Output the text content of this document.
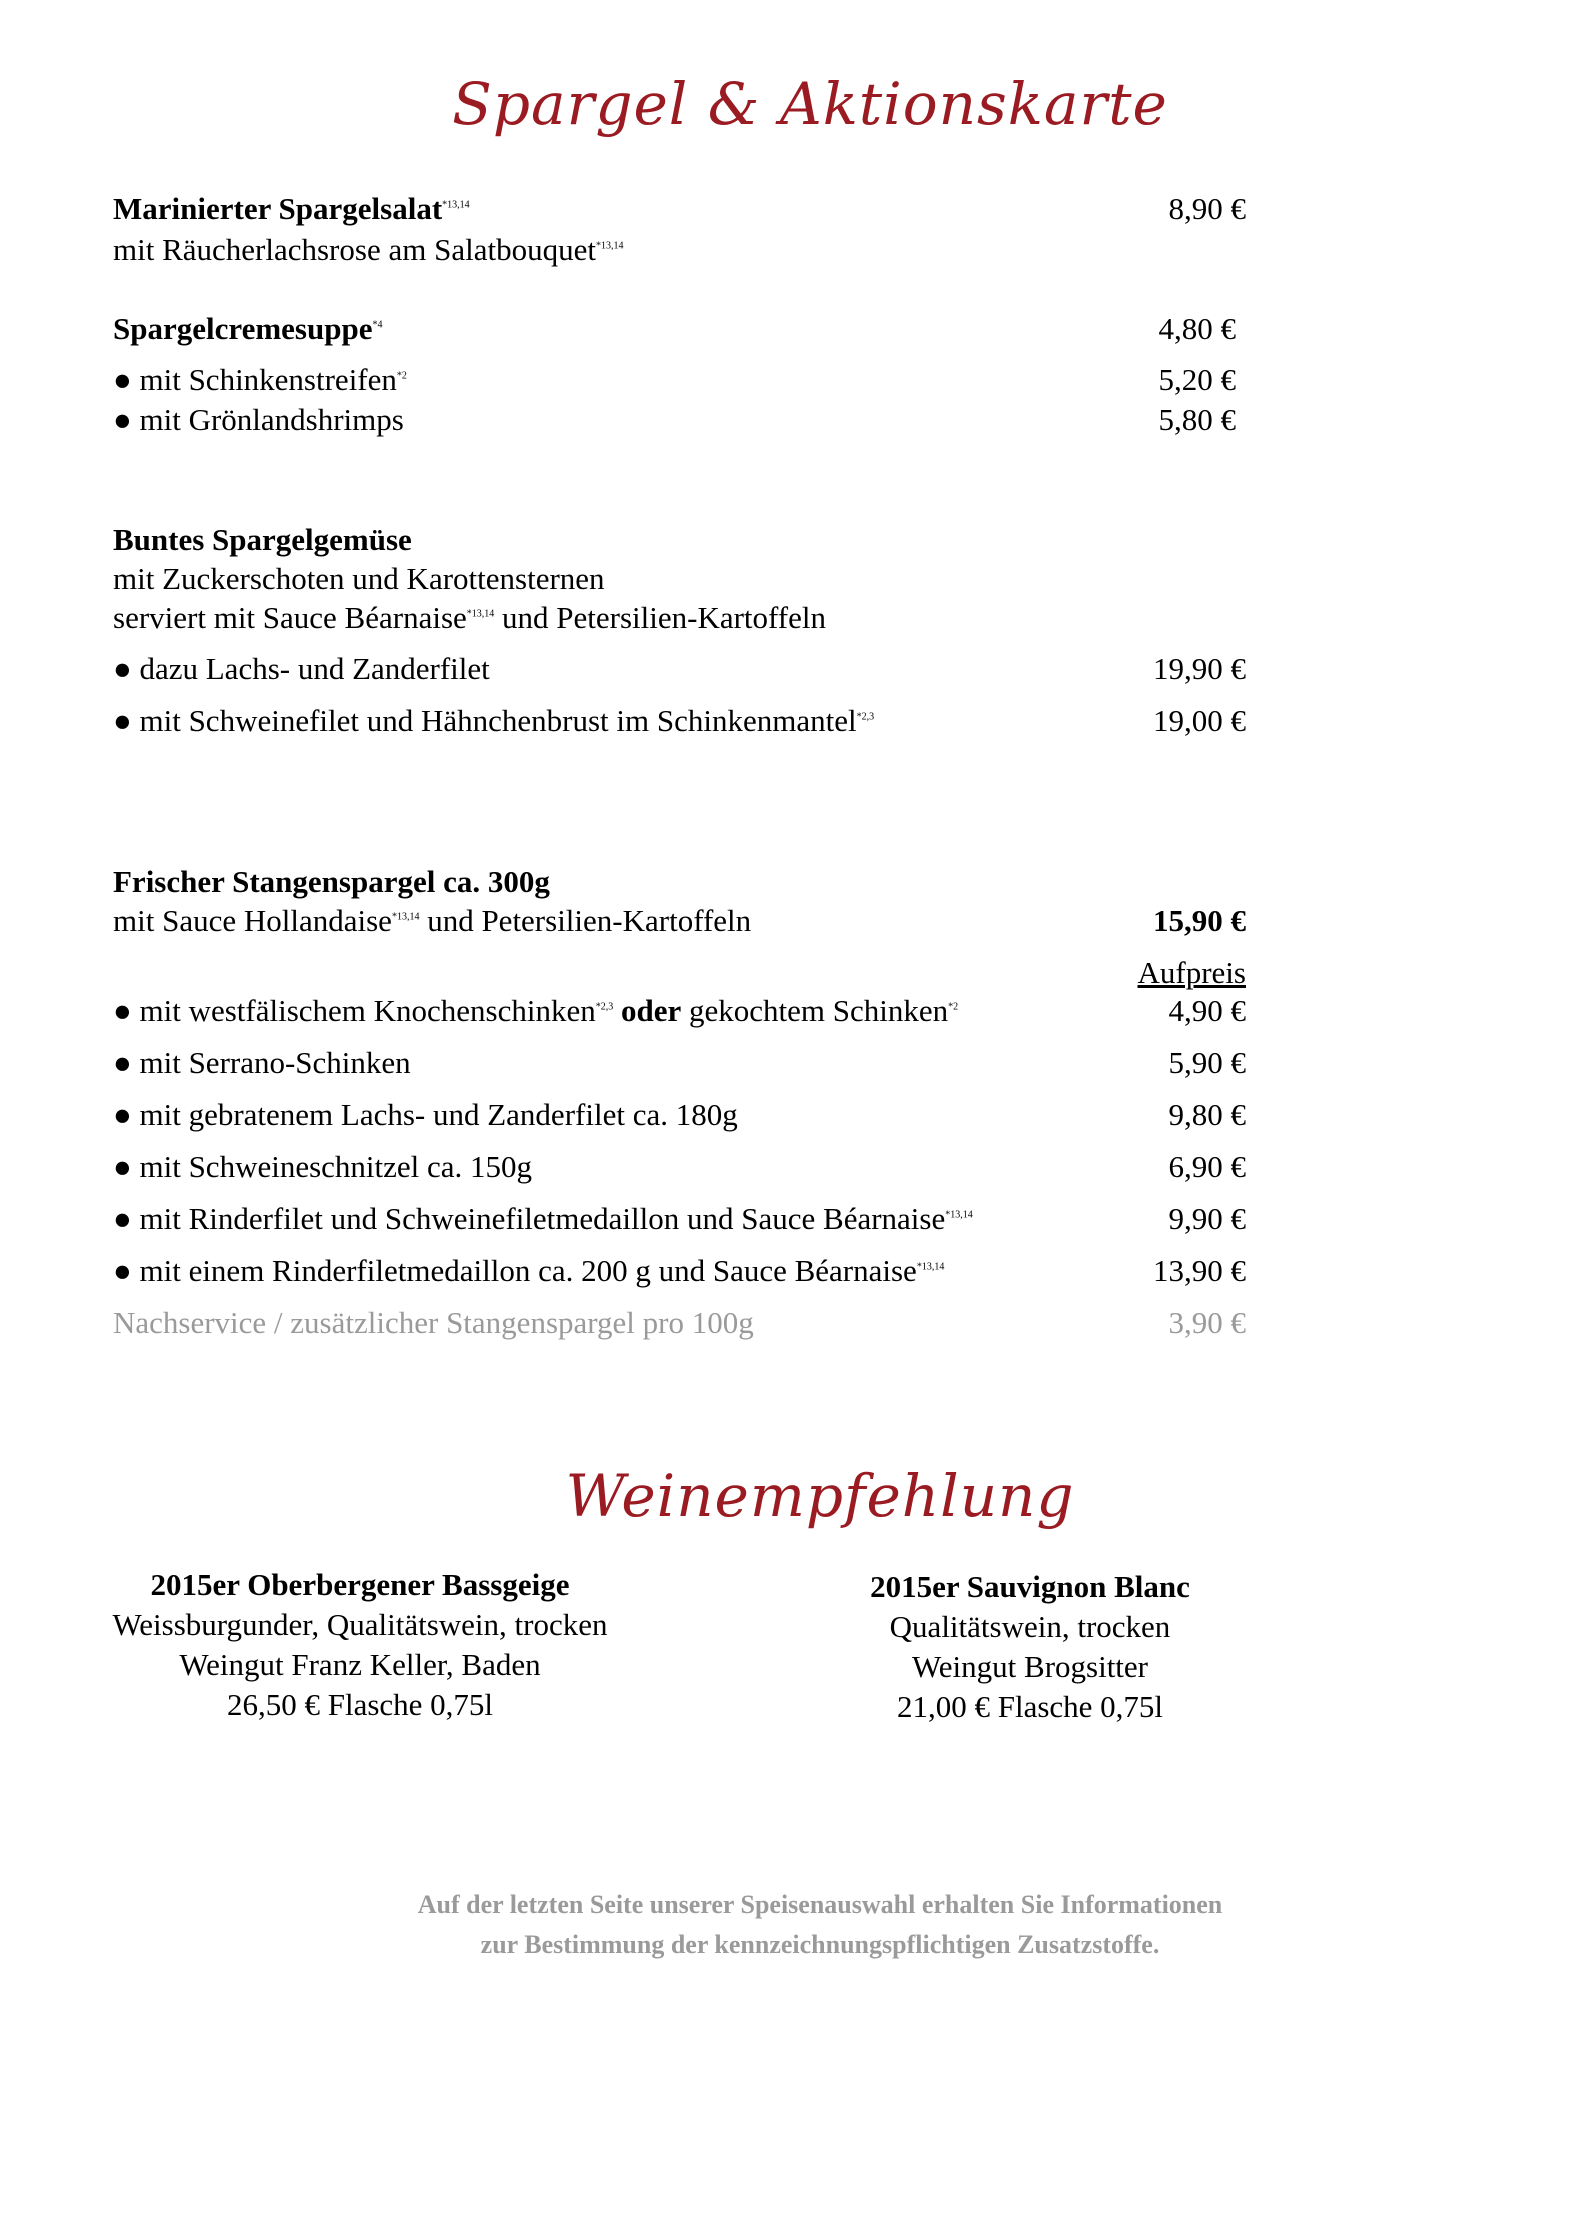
Spargel & Aktionskarte
Marinierter Spargelsalat$^{*13,14}$	8,90 €
mit Räucherlachsrose am Salatbouquet$^{*13,14}$
Spargelcremesuppe$^{*4}$	4,80 €
● mit Schinkenstreifen$^{*2}$	5,20 €
● mit Grönlandshrimps	5,80 €
Buntes Spargelgemüse
mit Zuckerschoten und Karottensternen
serviert mit Sauce Béarnaise$^{*13,14}$ und Petersilien-Kartoffeln
● dazu Lachs- und Zanderfilet	19,90 €
● mit Schweinefilet und Hähnchenbrust im Schinkenmantel$^{*2,3}$	19,00 €
Frischer Stangenspargel ca. 300g
mit Sauce Hollandaise$^{*13,14}$ und Petersilien-Kartoffeln	15,90 €
Aufpreis
● mit westfälischem Knochenschinken$^{*2,3}$ oder gekochtem Schinken$^{*2}$	4,90 €
● mit Serrano-Schinken	5,90 €
● mit gebratenem Lachs- und Zanderfilet ca. 180g	9,80 €
● mit Schweineschnitzel ca. 150g	6,90 €
● mit Rinderfilet und Schweinefiletmedaillon und Sauce Béarnaise$^{*13,14}$	9,90 €
● mit einem Rinderfiletmedaillon ca. 200 g und Sauce Béarnaise$^{*13,14}$	13,90 €
Nachservice / zusätzlicher Stangenspargel pro 100g	3,90 €
Weinempfehlung
2015er Oberbergener Bassgeige
Weissburgunder, Qualitätswein, trocken
Weingut Franz Keller, Baden
26,50 € Flasche 0,75l
2015er Sauvignon Blanc
Qualitätswein, trocken
Weingut Brogsitter
21,00 € Flasche 0,75l
Auf der letzten Seite unserer Speisenauswahl erhalten Sie Informationen
zur Bestimmung der kennzeichnungspflichtigen Zusatzstoffe.
